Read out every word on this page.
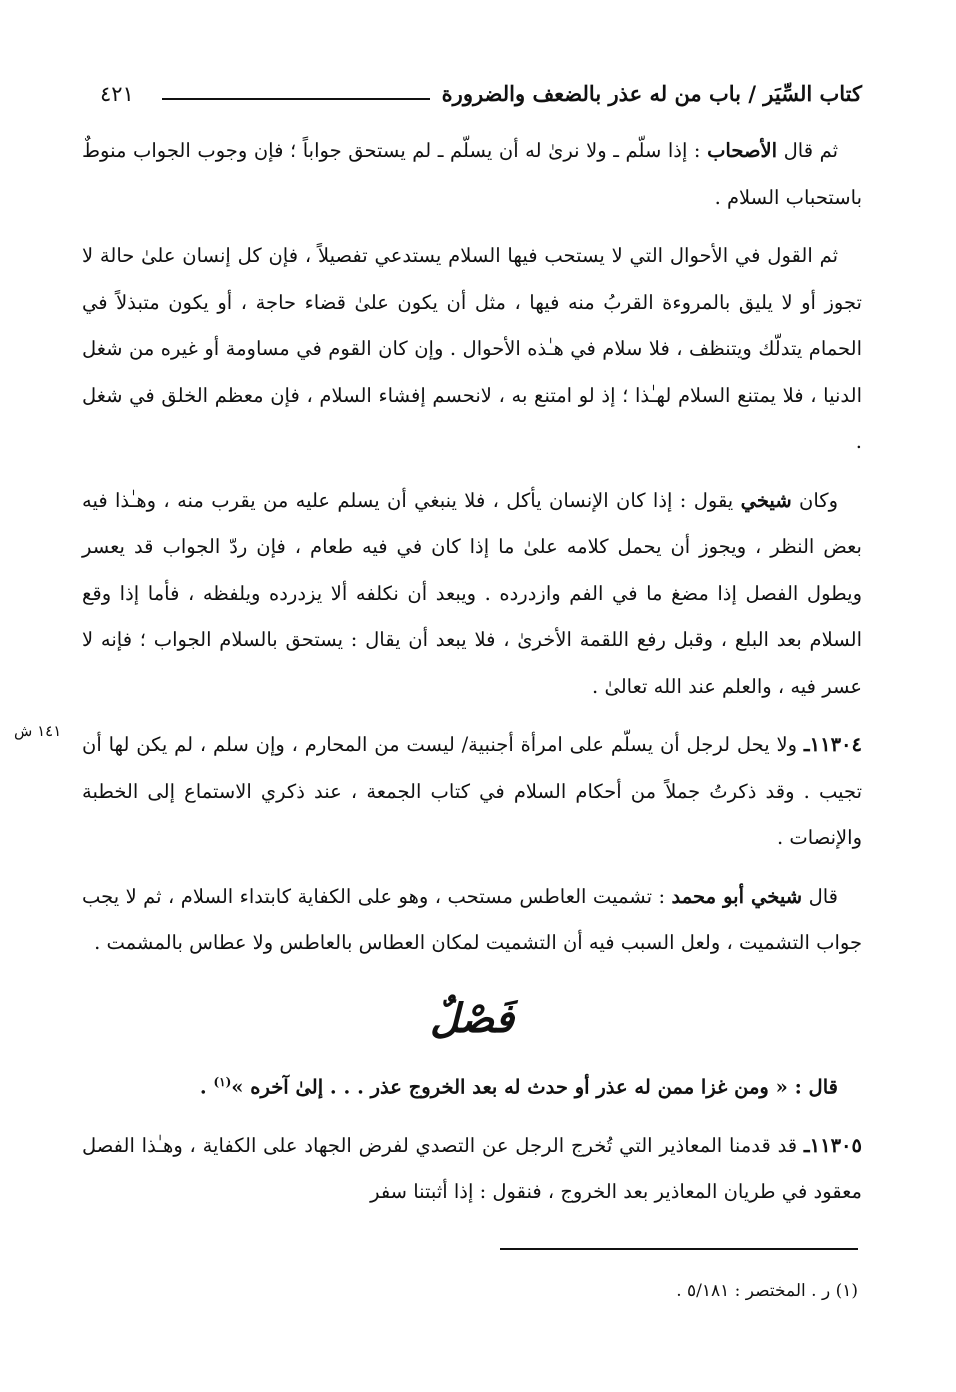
كتاب السِّيَر / باب من له عذر بالضعف والضرورة
٤٢١
١٤١ ش

ثم قال الأصحاب : إذا سلّم ـ ولا نرىٰ له أن يسلّم ـ لم يستحق جواباً ؛ فإن وجوب الجواب منوطٌ باستحباب السلام .

ثم القول في الأحوال التي لا يستحب فيها السلام يستدعي تفصيلاً ، فإن كل إنسان علىٰ حالة لا تجوز أو لا يليق بالمروءة القربُ منه فيها ، مثل أن يكون علىٰ قضاء حاجة ، أو يكون متبذلاً في الحمام يتدلّك ويتنظف ، فلا سلام في هـٰذه الأحوال . وإن كان القوم في مساومة أو غيره من شغل الدنيا ، فلا يمتنع السلام لهـٰذا ؛ إذ لو امتنع به ، لانحسم إفشاء السلام ، فإن معظم الخلق في شغل .

وكان شيخي يقول : إذا كان الإنسان يأكل ، فلا ينبغي أن يسلم عليه من يقرب منه ، وهـٰذا فيه بعض النظر ، ويجوز أن يحمل كلامه علىٰ ما إذا كان في فيه طعام ، فإن ردّ الجواب قد يعسر ويطول الفصل إذا مضغ ما في الفم وازدرده . ويبعد أن نكلفه ألا يزدرده ويلفظه ، فأما إذا وقع السلام بعد البلع ، وقبل رفع اللقمة الأخرىٰ ، فلا يبعد أن يقال : يستحق بالسلام الجواب ؛ فإنه لا عسر فيه ، والعلم عند الله تعالىٰ .

١١٣٠٤ـ ولا يحل لرجل أن يسلّم على امرأة أجنبية/ ليست من المحارم ، وإن سلم ، لم يكن لها أن تجيب . وقد ذكرتُ جملاً من أحكام السلام في كتاب الجمعة ، عند ذكري الاستماع إلى الخطبة والإنصات .

قال شيخي أبو محمد : تشميت العاطس مستحب ، وهو على الكفاية كابتداء السلام ، ثم لا يجب جواب التشميت ، ولعل السبب فيه أن التشميت لمكان العطاس بالعاطس ولا عطاس بالمشمت .

فَصْلٌ

قال : « ومن غزا ممن له عذر أو حدث له بعد الخروج عذر . . . إلىٰ آخره »$^{(١)}$ .

١١٣٠٥ـ قد قدمنا المعاذير التي تُخرج الرجل عن التصدي لفرض الجهاد على الكفاية ، وهـٰذا الفصل معقود في طريان المعاذير بعد الخروج ، فنقول : إذا أثبتنا سفر

(١) ر . المختصر : ٥/١٨١ .
